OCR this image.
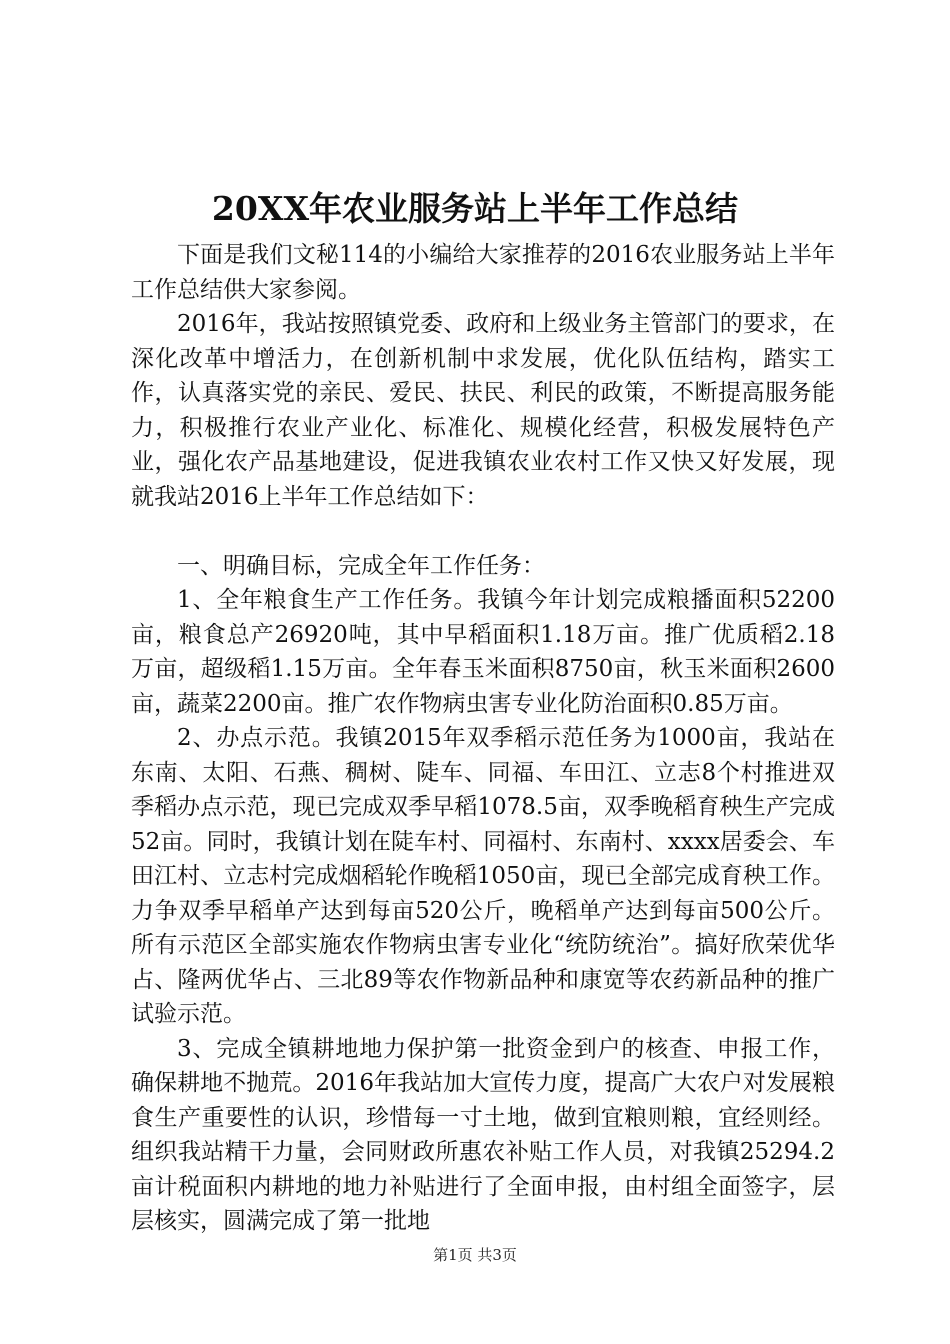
20XX年农业服务站上半年工作总结

下面是我们文秘114的小编给大家推荐的2016农业服务站上半年工作总结供大家参阅。

2016年，我站按照镇党委、政府和上级业务主管部门的要求，在深化改革中增活力，在创新机制中求发展，优化队伍结构，踏实工作，认真落实党的亲民、爱民、扶民、利民的政策，不断提高服务能力，积极推行农业产业化、标准化、规模化经营，积极发展特色产业，强化农产品基地建设，促进我镇农业农村工作又快又好发展，现就我站2016上半年工作总结如下：

一、明确目标，完成全年工作任务：

1、全年粮食生产工作任务。我镇今年计划完成粮播面积52200亩，粮食总产26920吨，其中早稻面积1.18万亩。推广优质稻2.18万亩，超级稻1.15万亩。全年春玉米面积8750亩，秋玉米面积2600亩，蔬菜2200亩。推广农作物病虫害专业化防治面积0.85万亩。

2、办点示范。我镇2015年双季稻示范任务为1000亩，我站在东南、太阳、石燕、稠树、陡车、同福、车田江、立志8个村推进双季稻办点示范，现已完成双季早稻1078.5亩，双季晚稻育秧生产完成52亩。同时，我镇计划在陡车村、同福村、东南村、xxxx居委会、车田江村、立志村完成烟稻轮作晚稻1050亩，现已全部完成育秧工作。力争双季早稻单产达到每亩520公斤，晚稻单产达到每亩500公斤。所有示范区全部实施农作物病虫害专业化“统防统治”。搞好欣荣优华占、隆两优华占、三北89等农作物新品种和康宽等农药新品种的推广试验示范。

3、完成全镇耕地地力保护第一批资金到户的核查、申报工作，确保耕地不抛荒。2016年我站加大宣传力度，提高广大农户对发展粮食生产重要性的认识，珍惜每一寸土地，做到宜粮则粮，宜经则经。组织我站精干力量，会同财政所惠农补贴工作人员，对我镇25294.2亩计税面积内耕地的地力补贴进行了全面申报，由村组全面签字，层层核实，圆满完成了第一批地

第1页 共3页
